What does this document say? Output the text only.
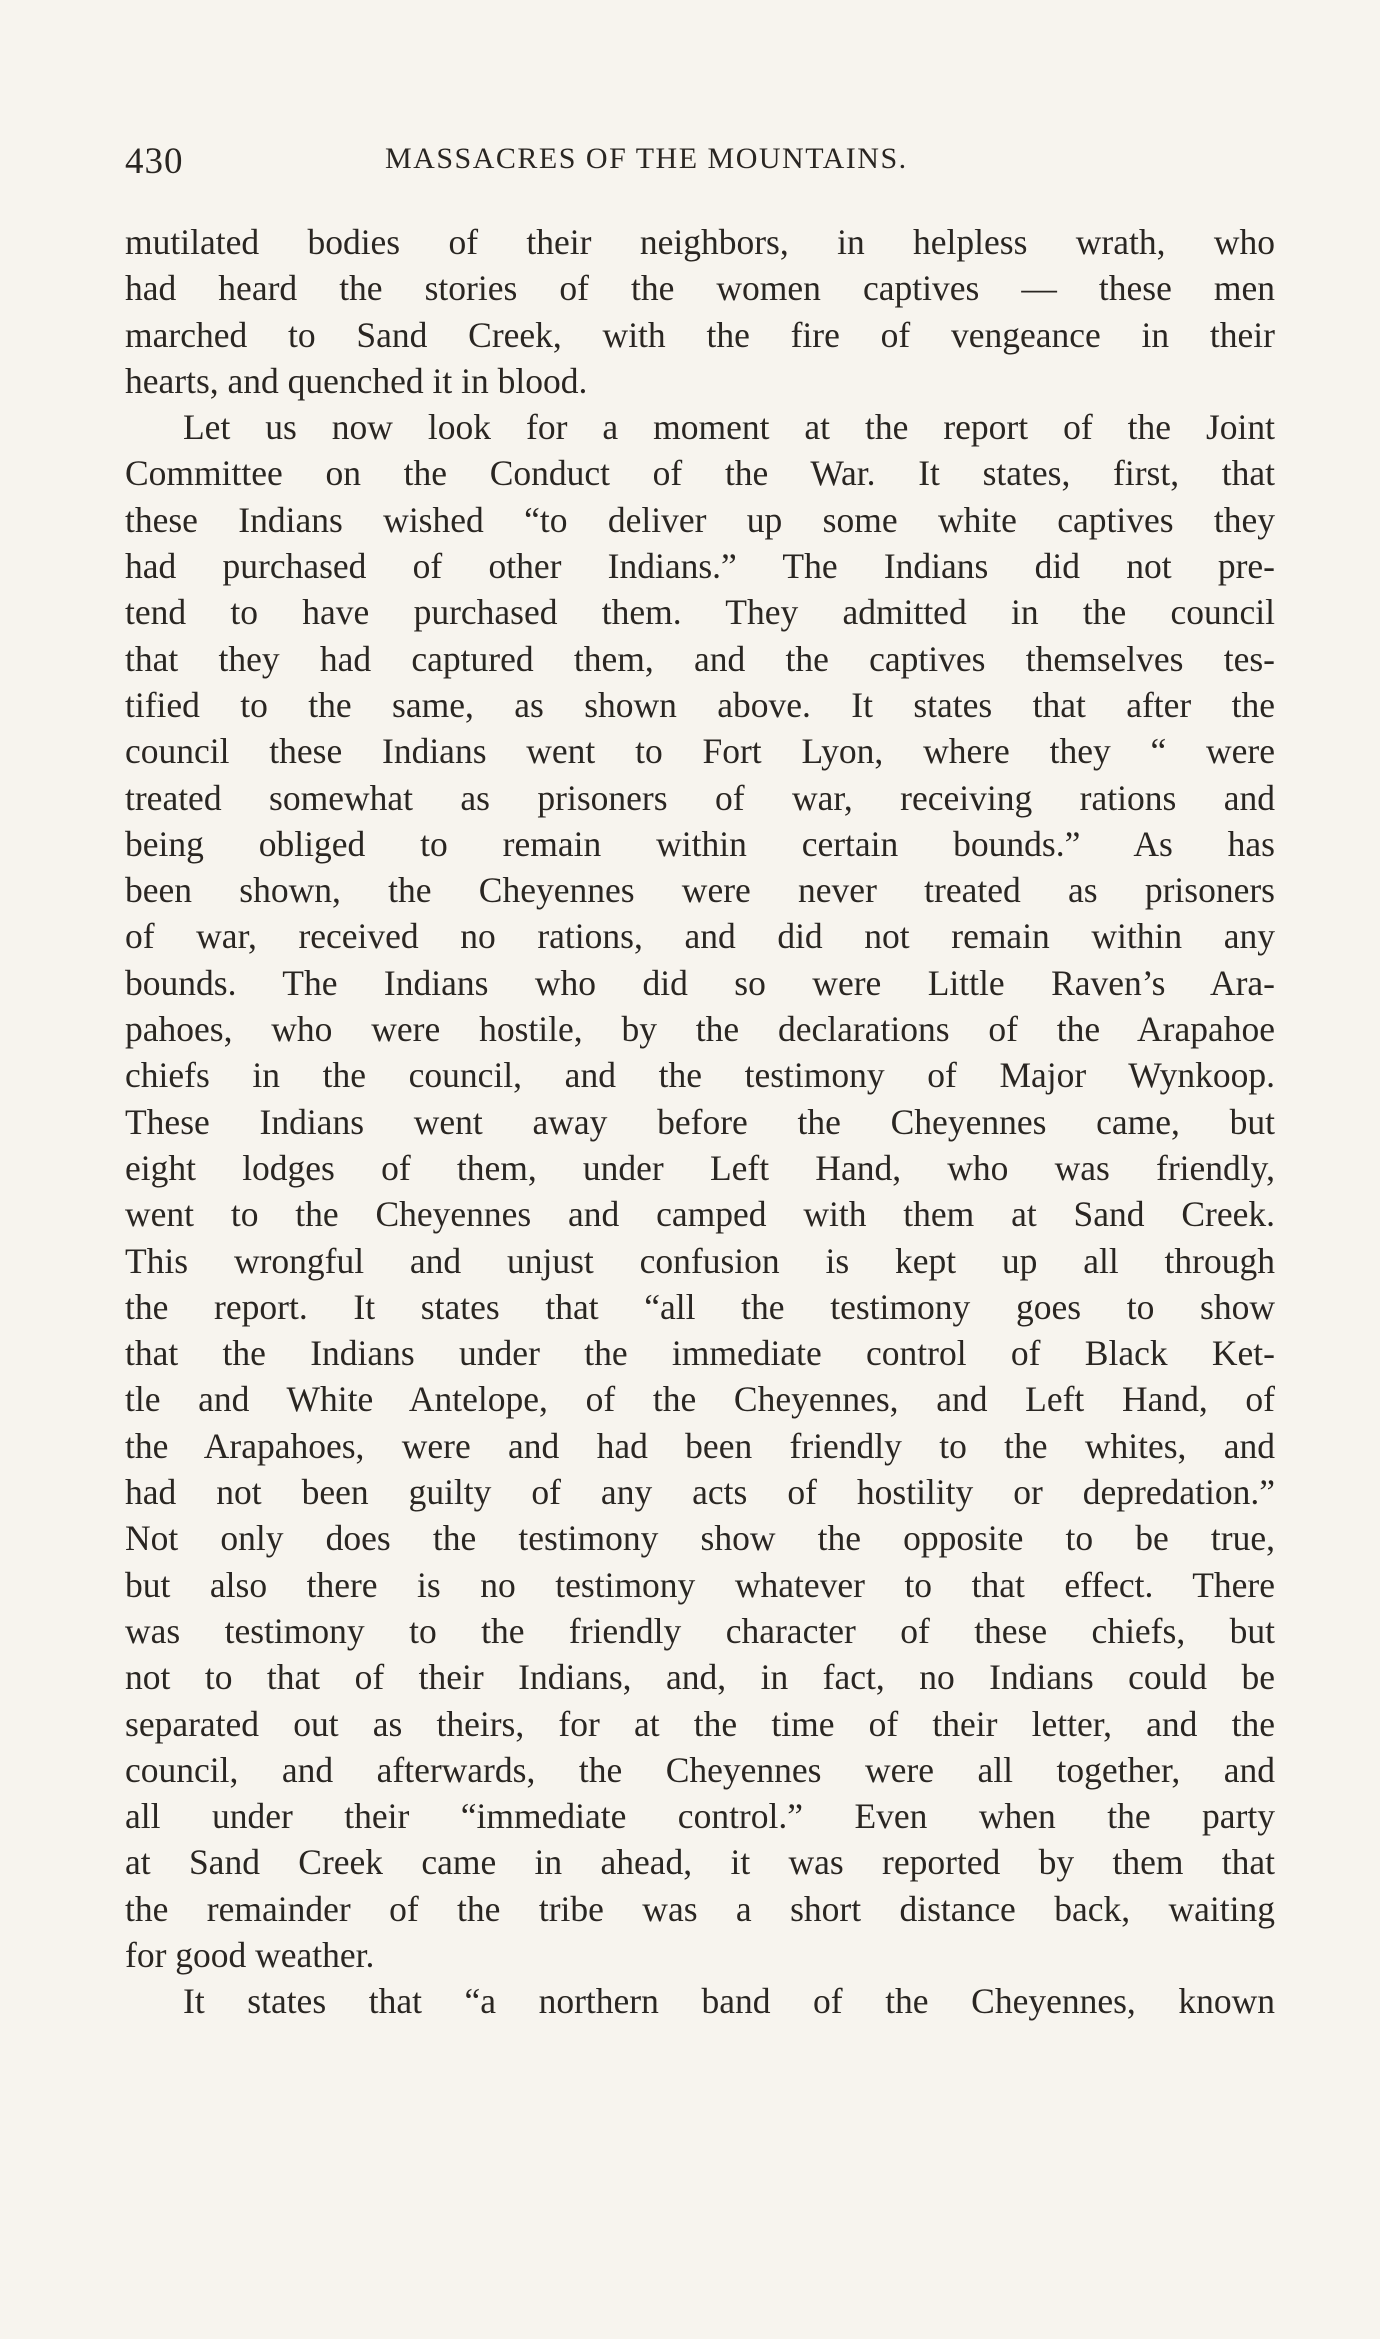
430	MASSACRES OF THE MOUNTAINS.
mutilated bodies of their neighbors, in helpless wrath, who
had heard the stories of the women captives — these men
marched to Sand Creek, with the fire of vengeance in their
hearts, and quenched it in blood.
Let us now look for a moment at the report of the Joint
Committee on the Conduct of the War. It states, first, that
these Indians wished “to deliver up some white captives they
had purchased of other Indians.” The Indians did not pre-
tend to have purchased them. They admitted in the council
that they had captured them, and the captives themselves tes-
tified to the same, as shown above. It states that after the
council these Indians went to Fort Lyon, where they “ were
treated somewhat as prisoners of war, receiving rations and
being obliged to remain within certain bounds.” As has
been shown, the Cheyennes were never treated as prisoners
of war, received no rations, and did not remain within any
bounds. The Indians who did so were Little Raven’s Ara-
pahoes, who were hostile, by the declarations of the Arapahoe
chiefs in the council, and the testimony of Major Wynkoop.
These Indians went away before the Cheyennes came, but
eight lodges of them, under Left Hand, who was friendly,
went to the Cheyennes and camped with them at Sand Creek.
This wrongful and unjust confusion is kept up all through
the report. It states that “all the testimony goes to show
that the Indians under the immediate control of Black Ket-
tle and White Antelope, of the Cheyennes, and Left Hand, of
the Arapahoes, were and had been friendly to the whites, and
had not been guilty of any acts of hostility or depredation.”
Not only does the testimony show the opposite to be true,
but also there is no testimony whatever to that effect. There
was testimony to the friendly character of these chiefs, but
not to that of their Indians, and, in fact, no Indians could be
separated out as theirs, for at the time of their letter, and the
council, and afterwards, the Cheyennes were all together, and
all under their “immediate control.” Even when the party
at Sand Creek came in ahead, it was reported by them that
the remainder of the tribe was a short distance back, waiting
for good weather.
It states that “a northern band of the Cheyennes, known
